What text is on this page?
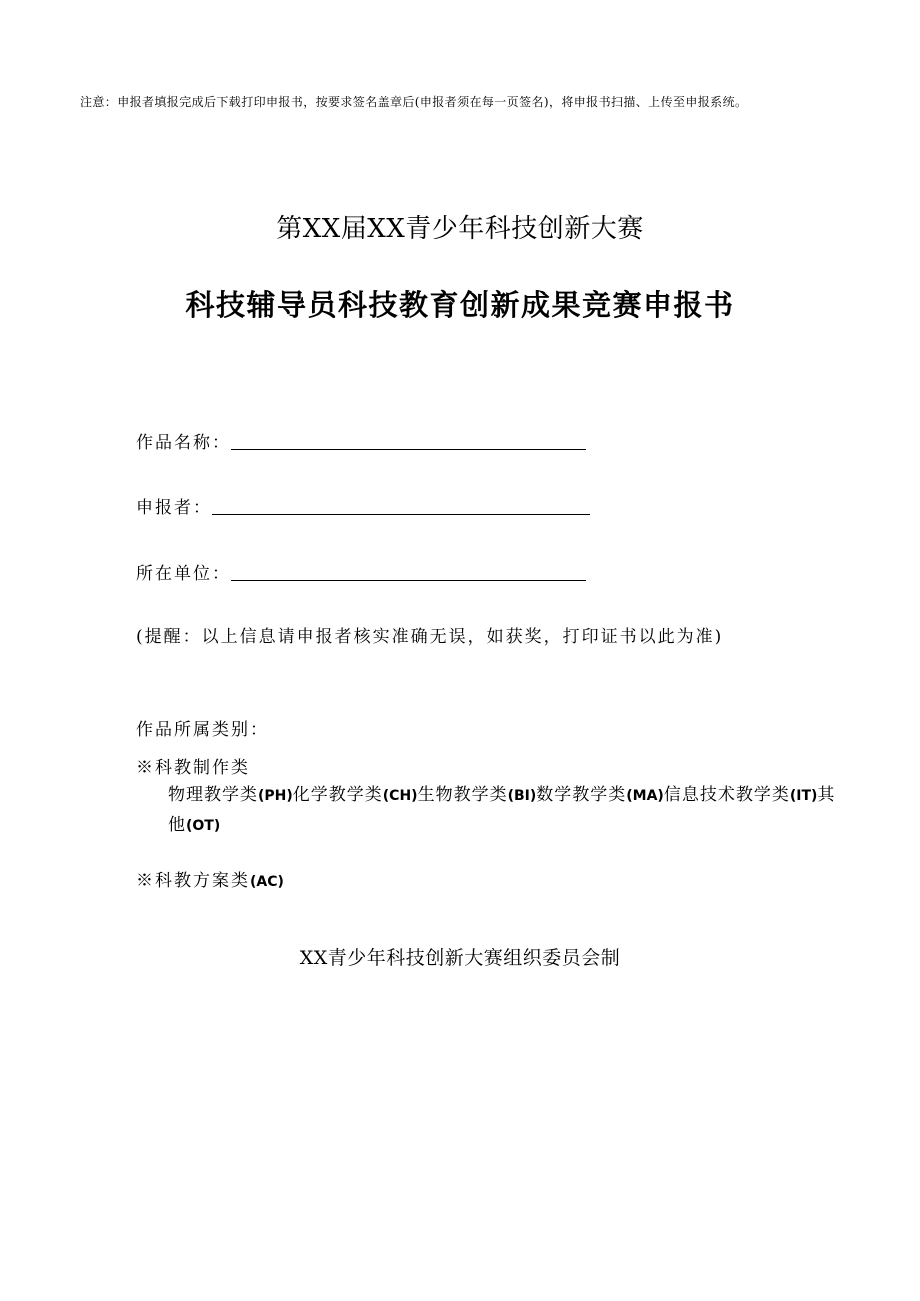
注意：申报者填报完成后下载打印申报书，按要求签名盖章后(申报者须在每一页签名)，将申报书扫描、上传至申报系统。
第XX届XX青少年科技创新大赛
科技辅导员科技教育创新成果竞赛申报书
作品名称：
申报者：
所在单位：
(提醒：以上信息请申报者核实准确无误，如获奖，打印证书以此为准)
作品所属类别：
※科教制作类
物理教学类(PH)化学教学类(CH)生物教学类(BI)数学教学类(MA)信息技术教学类(IT)其他(OT)
※科教方案类(AC)
XX青少年科技创新大赛组织委员会制
